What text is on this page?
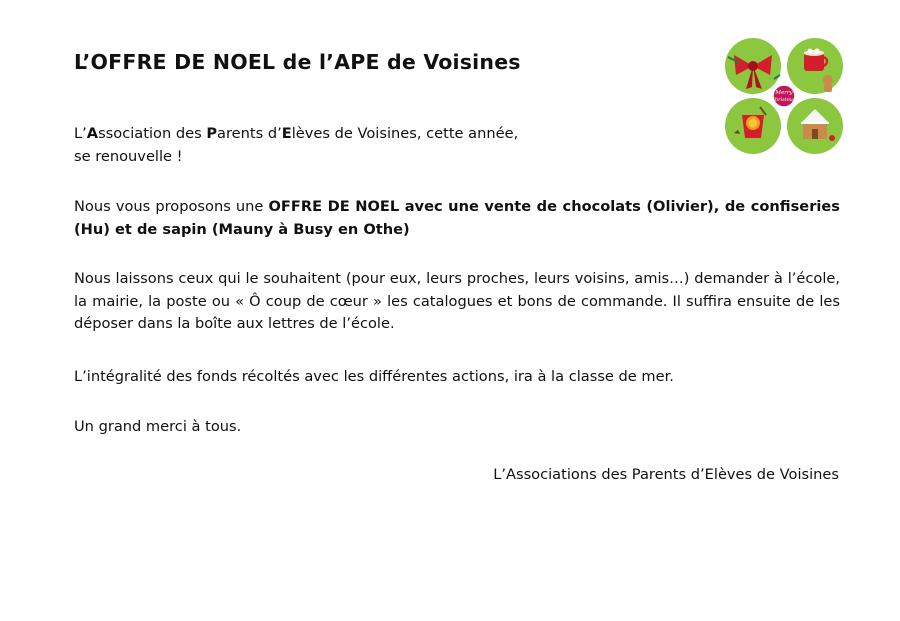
L’OFFRE DE NOEL de l’APE de Voisines

L’Association des Parents d’Elèves de Voisines, cette année,
se renouvelle !

Nous vous proposons une OFFRE DE NOEL avec une vente de chocolats (Olivier), de confiseries (Hu) et de sapin (Mauny à Busy en Othe)

Nous laissons ceux qui le souhaitent (pour eux, leurs proches, leurs voisins, amis…) demander à l’école, la mairie, la poste ou « Ô coup de cœur » les catalogues et bons de commande. Il suffira ensuite de les déposer dans la boîte aux lettres de l’école.

L’intégralité des fonds récoltés avec les différentes actions, ira à la classe de mer.

Un grand merci à tous.

L’Associations des Parents d’Elèves de Voisines

Merry
Christmas
